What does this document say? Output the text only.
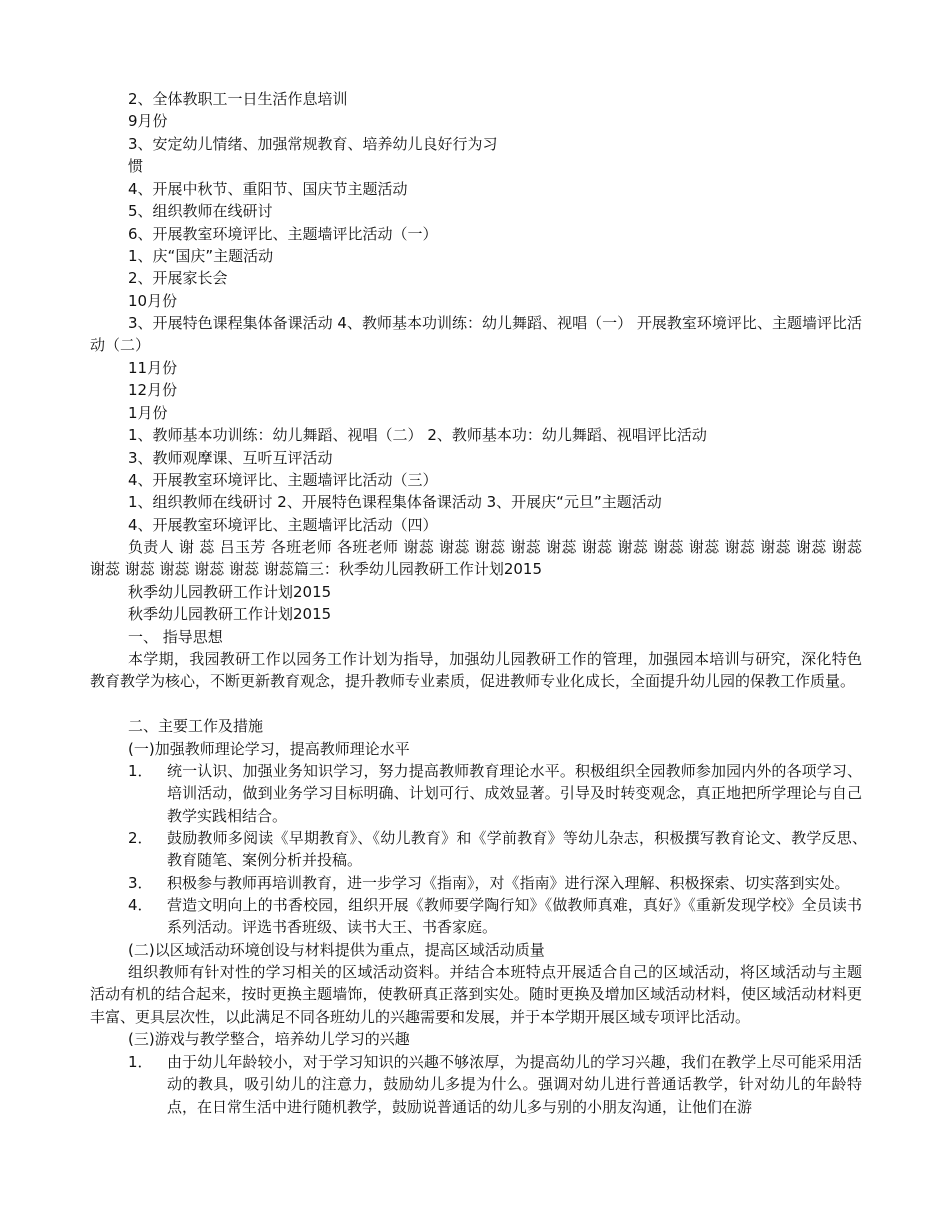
2、全体教职工一日生活作息培训
9月份
3、安定幼儿情绪、加强常规教育、培养幼儿良好行为习
惯
4、开展中秋节、重阳节、国庆节主题活动
5、组织教师在线研讨
6、开展教室环境评比、主题墙评比活动（一）
1、庆“国庆”主题活动
2、开展家长会
10月份
3、开展特色课程集体备课活动 4、教师基本功训练：幼儿舞蹈、视唱（一） 开展教室环境评比、主题墙评比活动（二）
11月份
12月份
1月份
1、教师基本功训练：幼儿舞蹈、视唱（二） 2、教师基本功：幼儿舞蹈、视唱评比活动
3、教师观摩课、互听互评活动
4、开展教室环境评比、主题墙评比活动（三）
1、组织教师在线研讨 2、开展特色课程集体备课活动 3、开展庆“元旦”主题活动
4、开展教室环境评比、主题墙评比活动（四）
负责人 谢 蕊 吕玉芳 各班老师 各班老师 谢蕊 谢蕊 谢蕊 谢蕊 谢蕊 谢蕊 谢蕊 谢蕊 谢蕊 谢蕊 谢蕊 谢蕊 谢蕊 谢蕊 谢蕊 谢蕊 谢蕊 谢蕊 谢蕊篇三：秋季幼儿园教研工作计划2015
秋季幼儿园教研工作计划2015
秋季幼儿园教研工作计划2015
一、 指导思想
本学期，我园教研工作以园务工作计划为指导，加强幼儿园教研工作的管理，加强园本培训与研究，深化特色教育教学为核心，不断更新教育观念，提升教师专业素质，促进教师专业化成长，全面提升幼儿园的保教工作质量。
二、主要工作及措施
(一)加强教师理论学习，提高教师理论水平
1． 统一认识、加强业务知识学习，努力提高教师教育理论水平。积极组织全园教师参加园内外的各项学习、培训活动，做到业务学习目标明确、计划可行、成效显著。引导及时转变观念，真正地把所学理论与自己教学实践相结合。
2． 鼓励教师多阅读《早期教育》、《幼儿教育》和《学前教育》等幼儿杂志，积极撰写教育论文、教学反思、教育随笔、案例分析并投稿。
3． 积极参与教师再培训教育，进一步学习《指南》，对《指南》进行深入理解、积极探索、切实落到实处。
4． 营造文明向上的书香校园，组织开展《教师要学陶行知》《做教师真难，真好》《重新发现学校》全员读书系列活动。评选书香班级、读书大王、书香家庭。
(二)以区域活动环境创设与材料提供为重点，提高区域活动质量
组织教师有针对性的学习相关的区域活动资料。并结合本班特点开展适合自己的区域活动，将区域活动与主题活动有机的结合起来，按时更换主题墙饰，使教研真正落到实处。随时更换及增加区域活动材料，使区域活动材料更丰富、更具层次性，以此满足不同各班幼儿的兴趣需要和发展，并于本学期开展区域专项评比活动。
(三)游戏与教学整合，培养幼儿学习的兴趣
1． 由于幼儿年龄较小，对于学习知识的兴趣不够浓厚，为提高幼儿的学习兴趣，我们在教学上尽可能采用活动的教具，吸引幼儿的注意力，鼓励幼儿多提为什么。强调对幼儿进行普通话教学，针对幼儿的年龄特点，在日常生活中进行随机教学，鼓励说普通话的幼儿多与别的小朋友沟通，让他们在游
